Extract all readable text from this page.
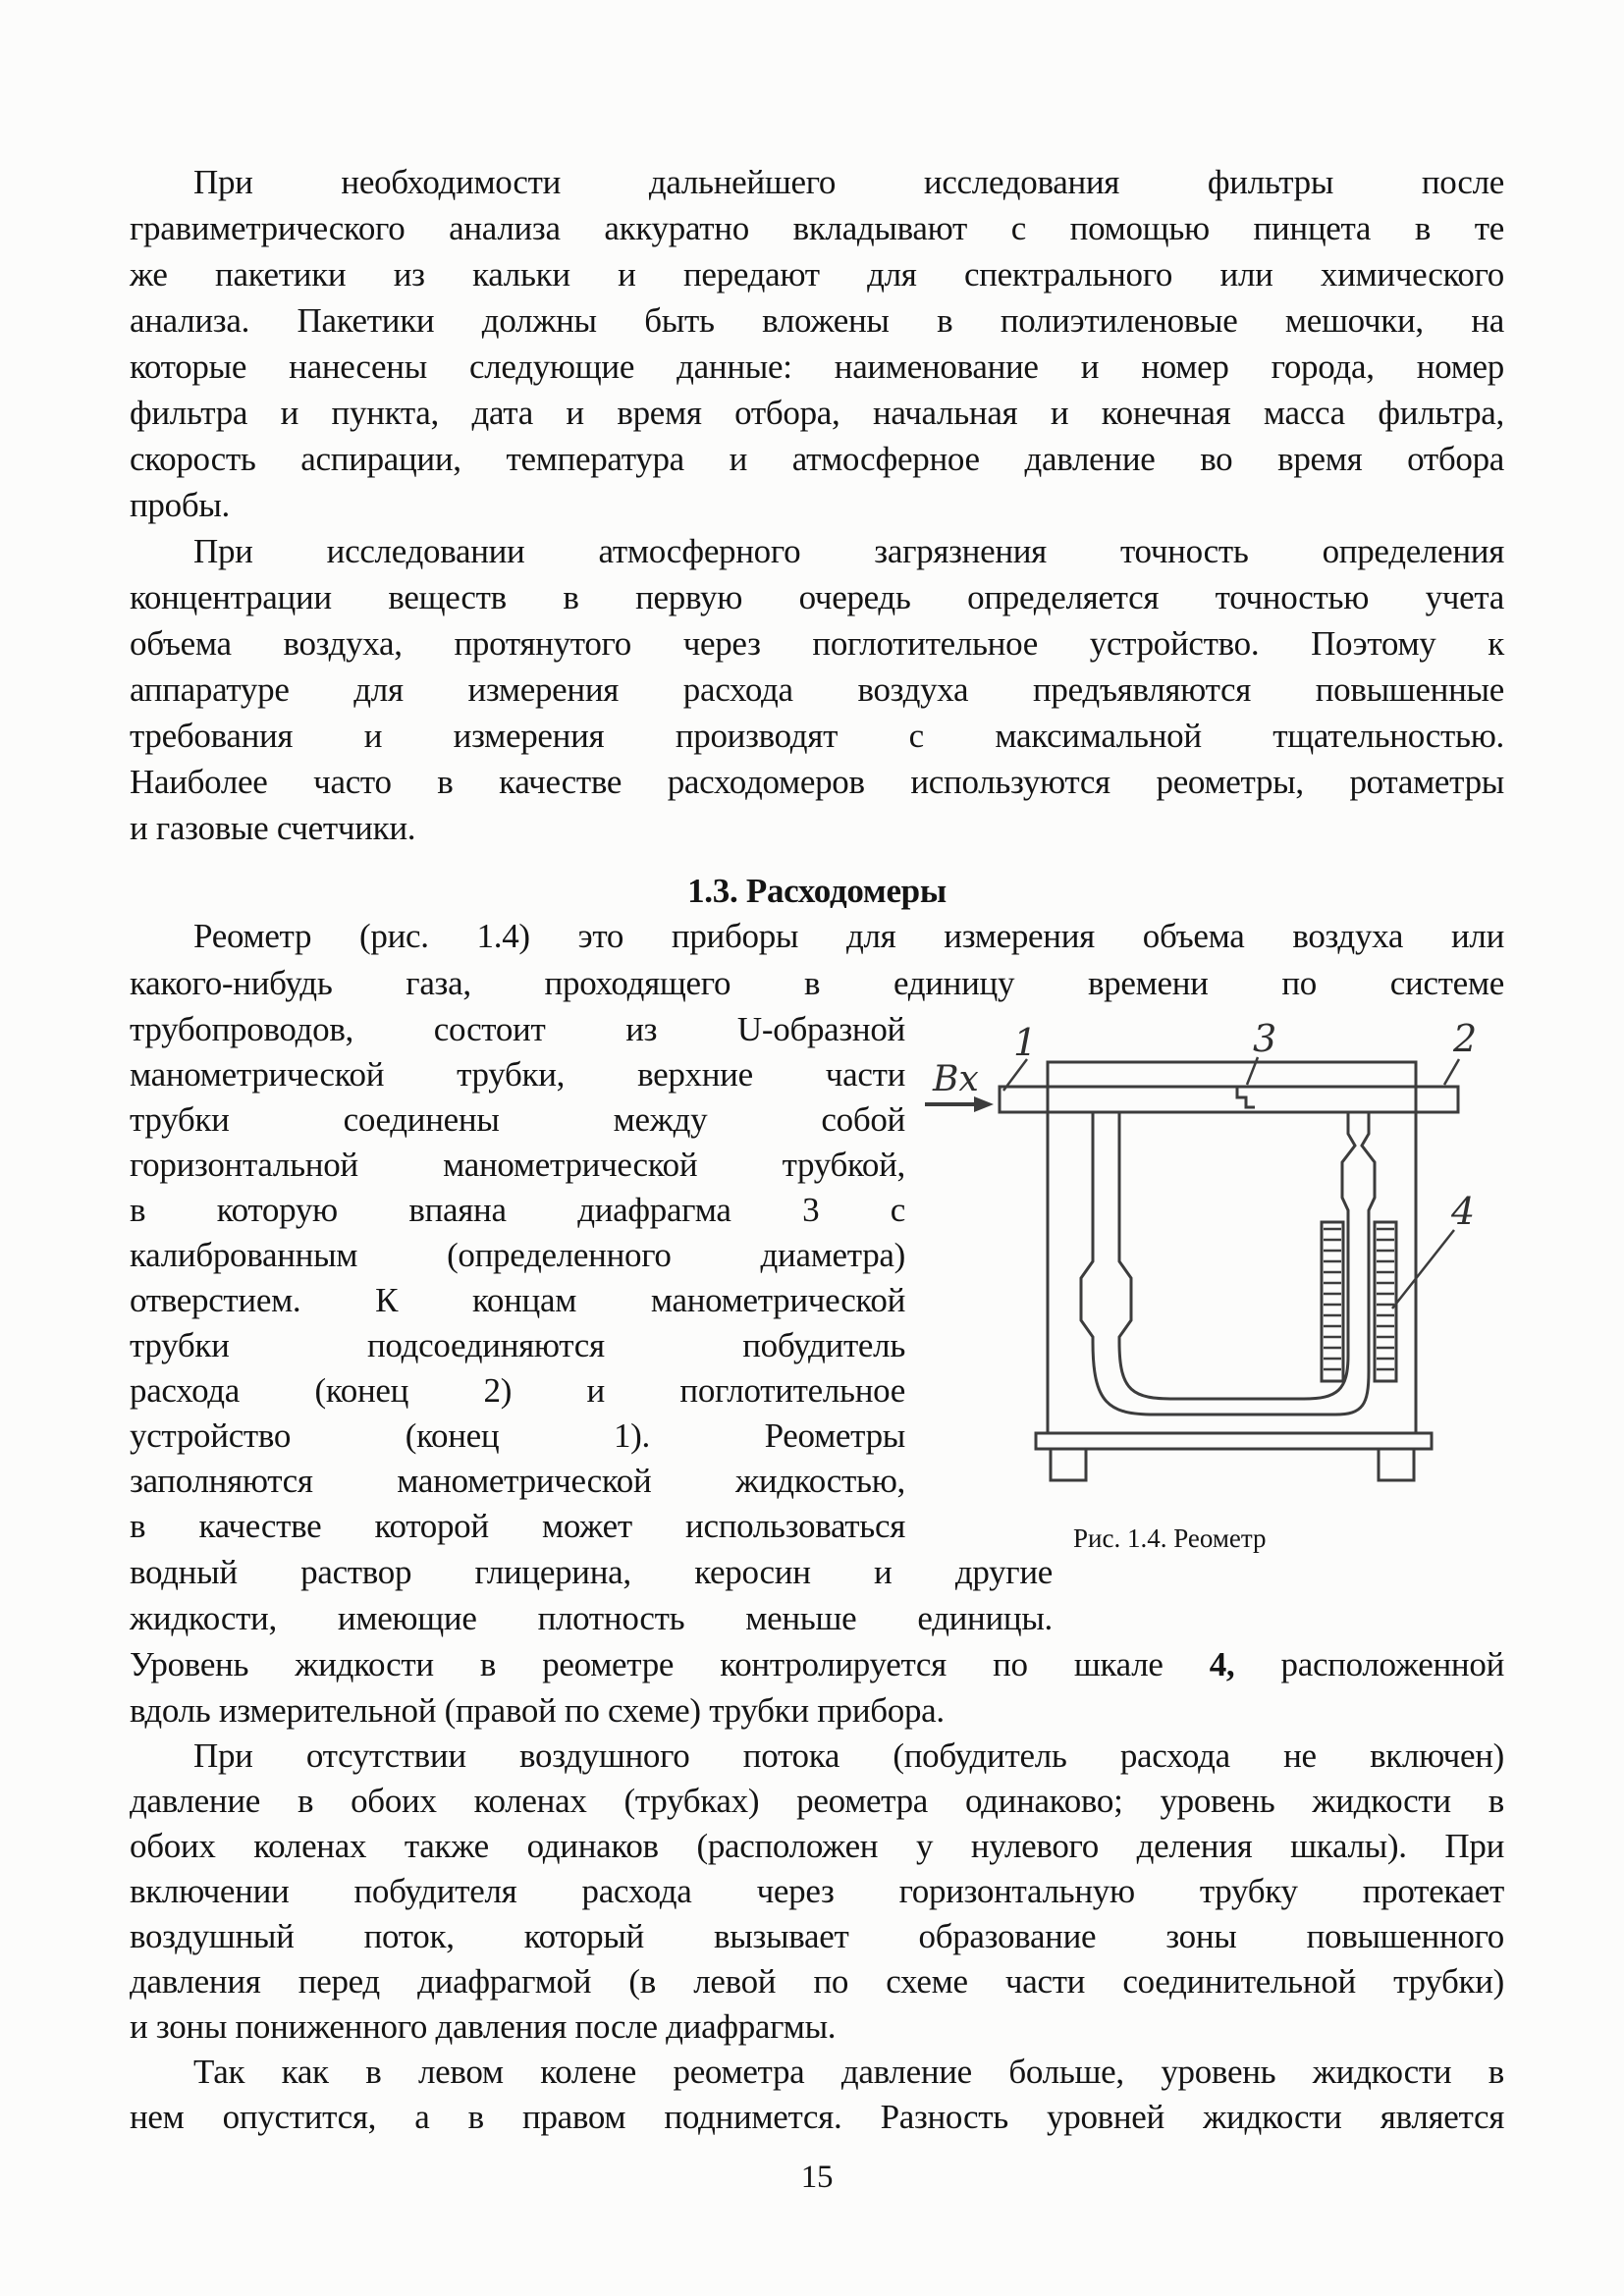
При необходимости дальнейшего исследования фильтры после
гравиметрического анализа аккуратно вкладывают с помощью пинцета в те
же пакетики из кальки и передают для спектрального или химического
анализа. Пакетики должны быть вложены в полиэтиленовые мешочки, на
которые нанесены следующие данные: наименование и номер города, номер
фильтра и пункта, дата и время отбора, начальная и конечная масса фильтра,
скорость аспирации, температура и атмосферное давление во время отбора
пробы.
При исследовании атмосферного загрязнения точность определения
концентрации веществ в первую очередь определяется точностью учета
объема воздуха, протянутого через поглотительное устройство. Поэтому к
аппаратуре для измерения расхода воздуха предъявляются повышенные
требования и измерения производят с максимальной тщательностью.
Наиболее часто в качестве расходомеров используются реометры, ротаметры
и газовые счетчики.
1.3. Расходомеры
Реометр (рис. 1.4) это приборы для измерения объема воздуха или
какого-нибудь газа, проходящего в единицу времени по системе
трубопроводов, состоит из U-образной
манометрической трубки, верхние части
трубки соединены между собой
горизонтальной манометрической трубкой,
в которую впаяна диафрагма 3 с
калиброванным (определенного диаметра)
отверстием. К концам манометрической
трубки подсоединяются побудитель
расхода (конец 2) и поглотительное
устройство (конец 1). Реометры
заполняются манометрической жидкостью,
в качестве которой может использоваться
водный раствор глицерина, керосин и другие
жидкости, имеющие плотность меньше единицы.
Уровень жидкости в реометре контролируется по шкале 4, расположенной
вдоль измерительной (правой по схеме) трубки прибора.
При отсутствии воздушного потока (побудитель расхода не включен)
давление в обоих коленах (трубках) реометра одинаково; уровень жидкости в
обоих коленах также одинаков (расположен у нулевого деления шкалы). При
включении побудителя расхода через горизонтальную трубку протекает
воздушный поток, который вызывает образование зоны повышенного
давления перед диафрагмой (в левой по схеме части соединительной трубки)
и зоны пониженного давления после диафрагмы.
Так как в левом колене реометра давление больше, уровень жидкости в
нем опустится, а в правом поднимется. Разность уровней жидкости является
Вх
1	3	2
4
Рис. 1.4. Реометр
15
